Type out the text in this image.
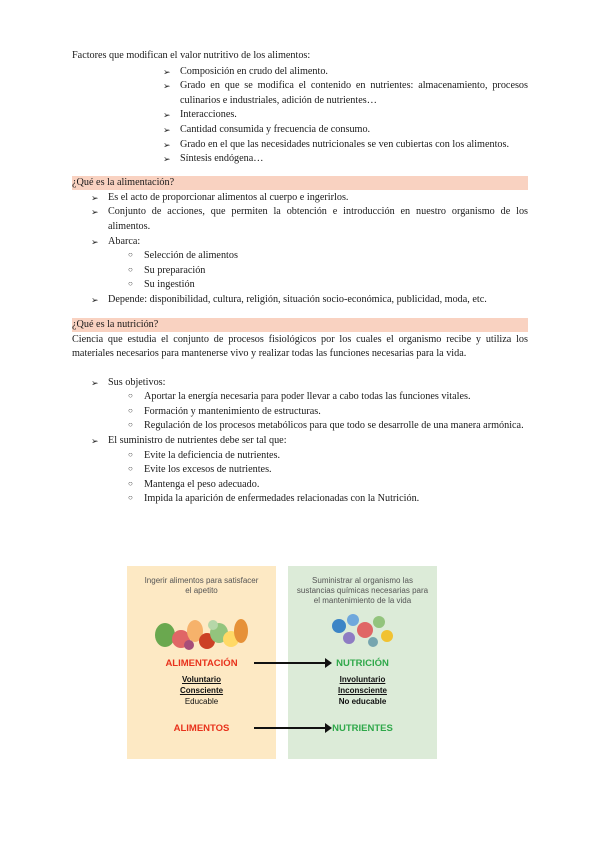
Factores que modifican el valor nutritivo de los alimentos:

➢ Composición en crudo del alimento.
➢ Grado en que se modifica el contenido en nutrientes: almacenamiento, procesos culinarios e industriales, adición de nutrientes…
➢ Interacciones.
➢ Cantidad consumida y frecuencia de consumo.
➢ Grado en el que las necesidades nutricionales se ven cubiertas con los alimentos.
➢ Síntesis endógena…
¿Qué es la alimentación?
➢ Es el acto de proporcionar alimentos al cuerpo e ingerirlos.
➢ Conjunto de acciones, que permiten la obtención e introducción en nuestro organismo de los alimentos.
➢ Abarca:
○ Selección de alimentos
○ Su preparación
○ Su ingestión
➢ Depende: disponibilidad, cultura, religión, situación socio-económica, publicidad, moda, etc.
¿Qué es la nutrición?

Ciencia que estudia el conjunto de procesos fisiológicos por los cuales el organismo recibe y utiliza los materiales necesarios para mantenerse vivo y realizar todas las funciones necesarias para la vida.

➢ Sus objetivos:
○ Aportar la energía necesaria para poder llevar a cabo todas las funciones vitales.
○ Formación y mantenimiento de estructuras.
○ Regulación de los procesos metabólicos para que todo se desarrolle de una manera armónica.
➢ El suministro de nutrientes debe ser tal que:
○ Evite la deficiencia de nutrientes.
○ Evite los excesos de nutrientes.
○ Mantenga el peso adecuado.
○ Impida la aparición de enfermedades relacionadas con la Nutrición.
Ingerir alimentos para satisfacer el apetito
ALIMENTACIÓN
Voluntario
Consciente
Educable
ALIMENTOS
Suministrar al organismo las sustancias químicas necesarias para el mantenimiento de la vida
NUTRICIÓN
Involuntario
Inconsciente
No educable
NUTRIENTES
